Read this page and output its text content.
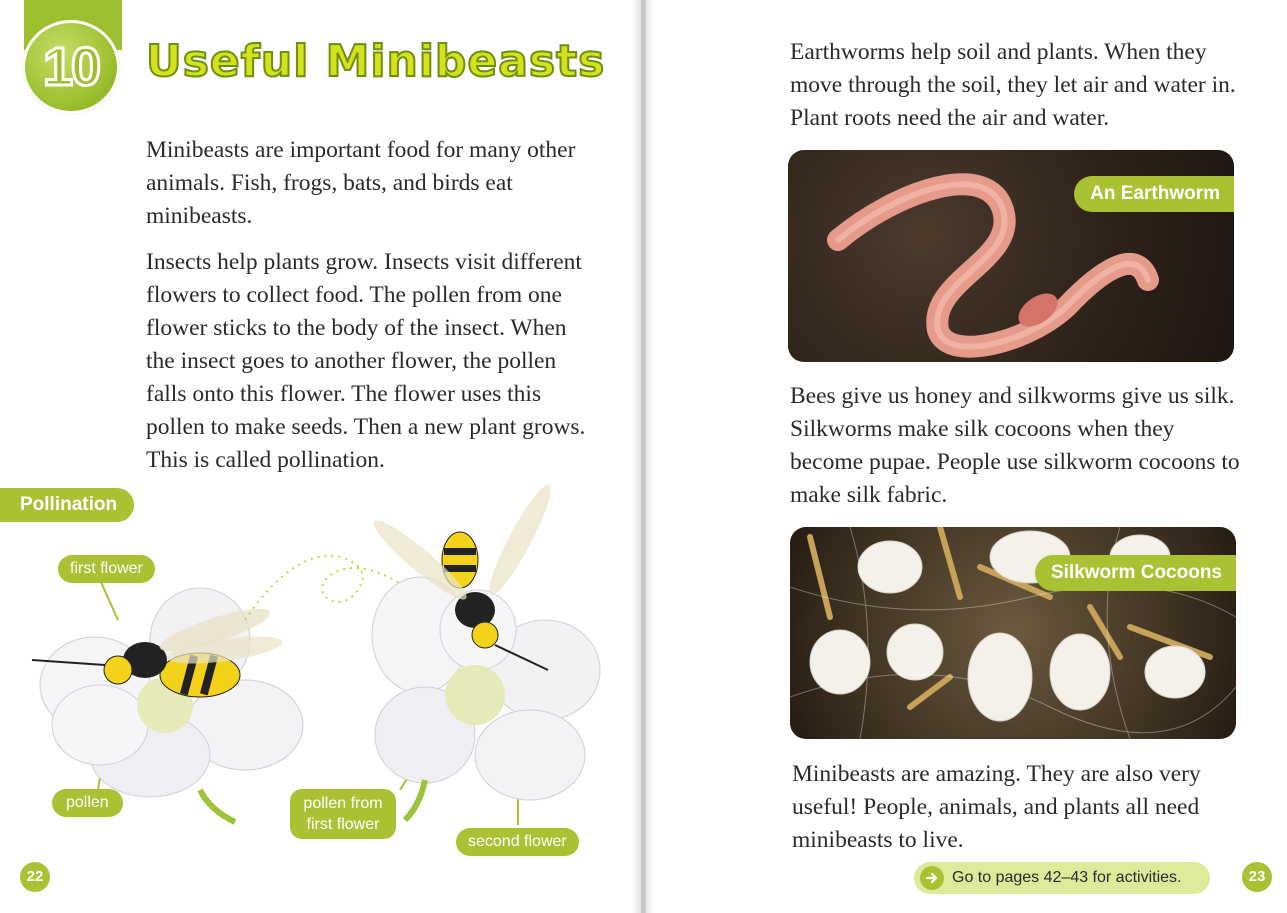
10 Useful Minibeasts

Minibeasts are important food for many other animals. Fish, frogs, bats, and birds eat minibeasts.

Insects help plants grow. Insects visit different flowers to collect food. The pollen from one flower sticks to the body of the insect. When the insect goes to another flower, the pollen falls onto this flower. The flower uses this pollen to make seeds. Then a new plant grows. This is called pollination.

Pollination
first flower
pollen	pollen from first flower
second flower
22

Earthworms help soil and plants. When they move through the soil, they let air and water in. Plant roots need the air and water.

An Earthworm

Bees give us honey and silkworms give us silk. Silkworms make silk cocoons when they become pupae. People use silkworm cocoons to make silk fabric.

Silkworm Cocoons

Minibeasts are amazing. They are also very useful! People, animals, and plants all need minibeasts to live.

Go to pages 42–43 for activities.	23
